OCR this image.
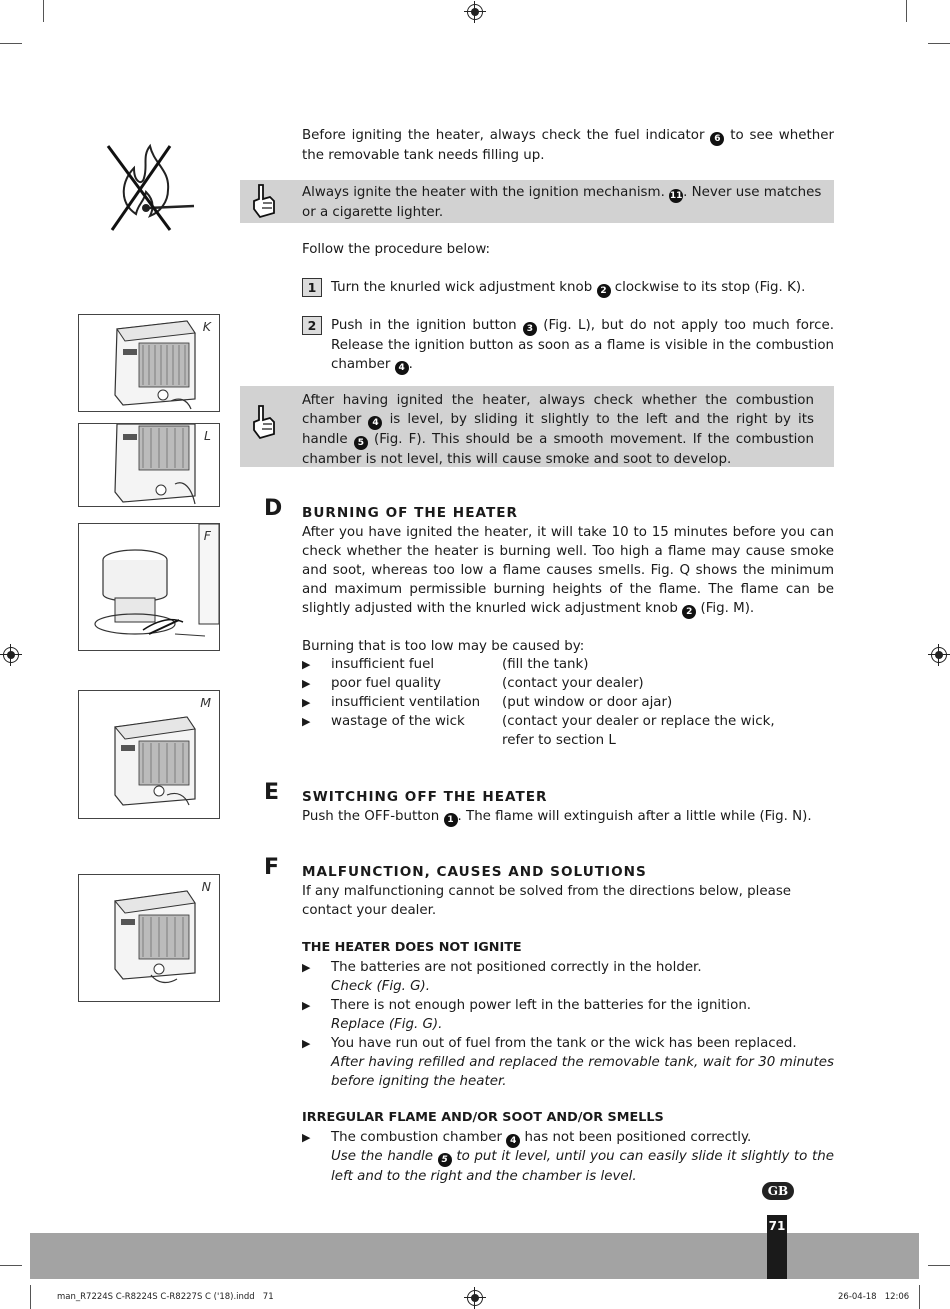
Before igniting the heater, always check the fuel indicator 6 to see whether the removable tank needs filling up.
Always ignite the heater with the ignition mechanism. 11. Never use matches or a cigarette lighter.
Follow the procedure below:
1	Turn the knurled wick adjustment knob 2 clockwise to its stop (Fig. K).
2	Push in the ignition button 3 (Fig. L), but do not apply too much force. Release the ignition button as soon as a flame is visible in the combustion chamber 4 .
After having ignited the heater, always check whether the combustion chamber 4 is level, by sliding it slightly to the left and the right by its handle 5 (Fig. F). This should be a smooth movement. If the combustion chamber is not level, this will cause smoke and soot to develop.
D BURNING OF THE HEATER
After you have ignited the heater, it will take 10 to 15 minutes before you can check whether the heater is burning well. Too high a flame may cause smoke and soot, whereas too low a flame causes smells. Fig. Q shows the minimum and maximum permissible burning heights of the flame. The flame can be slightly adjusted with the knurled wick adjustment knob 2 (Fig. M).
Burning that is too low may be caused by:
▶ insufficient fuel	(fill the tank)
▶ poor fuel quality	(contact your dealer)
▶ insufficient ventilation (put window or door ajar)
▶ wastage of the wick	(contact your dealer or replace the wick,
refer to section L
E SWITCHING OFF THE HEATER
Push the OFF-button 1 . The flame will extinguish after a little while (Fig. N).
F MALFUNCTION, CAUSES AND SOLUTIONS
If any malfunctioning cannot be solved from the directions below, please contact your dealer.
THE HEATER DOES NOT IGNITE
▶ The batteries are not positioned correctly in the holder.
Check (Fig. G).
▶ There is not enough power left in the batteries for the ignition.
Replace (Fig. G).
▶ You have run out of fuel from the tank or the wick has been replaced.
After having refilled and replaced the removable tank, wait for 30 minutes before igniting the heater.
IRREGULAR FLAME AND/OR SOOT AND/OR SMELLS
▶ The combustion chamber 4 has not been positioned correctly.
Use the handle 5 to put it level, until you can easily slide it slightly to the left and to the right and the chamber is level.
K
L
F
M
N
GB
71
man_R7224S C-R8224S C-R8227S C ('18).indd   71	26-04-18   12:06
